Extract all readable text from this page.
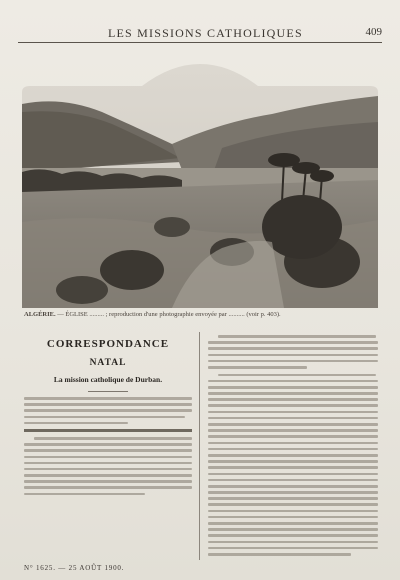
LES MISSIONS CATHOLIQUES	409
ALGÉRIE. — ÉGLISE ......... ; reproduction d'une photographie envoyée par .......... (voir p. 403).
CORRESPONDANCE
NATAL
La mission catholique de Durban.
N° 1625. — 25 AOÛT 1900.
